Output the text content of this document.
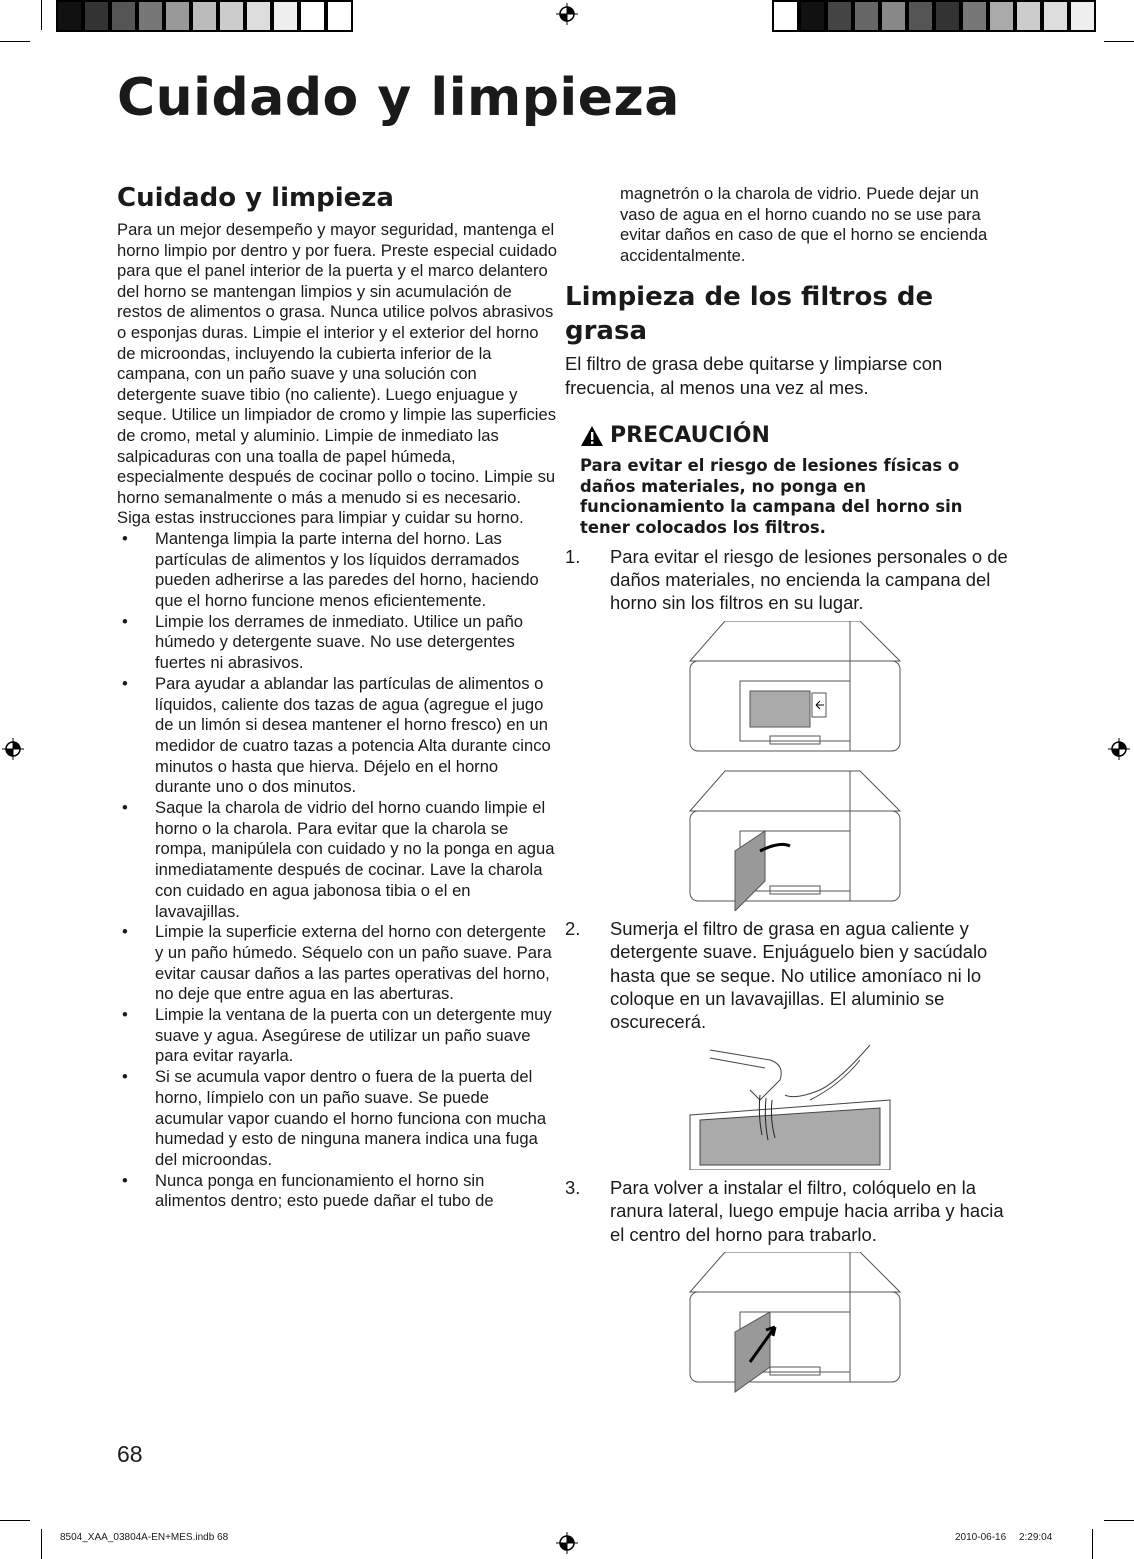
Cuidado y limpieza
Cuidado y limpieza

Para un mejor desempeño y mayor seguridad, mantenga el horno limpio por dentro y por fuera. Preste especial cuidado para que el panel interior de la puerta y el marco delantero del horno se mantengan limpios y sin acumulación de restos de alimentos o grasa. Nunca utilice polvos abrasivos o esponjas duras. Limpie el interior y el exterior del horno de microondas, incluyendo la cubierta inferior de la campana, con un paño suave y una solución con detergente suave tibio (no caliente). Luego enjuague y seque. Utilice un limpiador de cromo y limpie las superficies de cromo, metal y aluminio. Limpie de inmediato las salpicaduras con una toalla de papel húmeda, especialmente después de cocinar pollo o tocino. Limpie su horno semanalmente o más a menudo si es necesario.

Siga estas instrucciones para limpiar y cuidar su horno.

• Mantenga limpia la parte interna del horno. Las partículas de alimentos y los líquidos derramados pueden adherirse a las paredes del horno, haciendo que el horno funcione menos eficientemente.
• Limpie los derrames de inmediato. Utilice un paño húmedo y detergente suave. No use detergentes fuertes ni abrasivos.
• Para ayudar a ablandar las partículas de alimentos o líquidos, caliente dos tazas de agua (agregue el jugo de un limón si desea mantener el horno fresco) en un medidor de cuatro tazas a potencia Alta durante cinco minutos o hasta que hierva. Déjelo en el horno durante uno o dos minutos.
• Saque la charola de vidrio del horno cuando limpie el horno o la charola. Para evitar que la charola se rompa, manipúlela con cuidado y no la ponga en agua inmediatamente después de cocinar. Lave la charola con cuidado en agua jabonosa tibia o el en lavavajillas.
• Limpie la superficie externa del horno con detergente y un paño húmedo. Séquelo con un paño suave. Para evitar causar daños a las partes operativas del horno, no deje que entre agua en las aberturas.
• Limpie la ventana de la puerta con un detergente muy suave y agua. Asegúrese de utilizar un paño suave para evitar rayarla.
• Si se acumula vapor dentro o fuera de la puerta del horno, límpielo con un paño suave. Se puede acumular vapor cuando el horno funciona con mucha humedad y esto de ninguna manera indica una fuga del microondas.
• Nunca ponga en funcionamiento el horno sin alimentos dentro; esto puede dañar el tubo de

magnetrón o la charola de vidrio. Puede dejar un vaso de agua en el horno cuando no se use para evitar daños en caso de que el horno se encienda accidentalmente.

Limpieza de los filtros de grasa

El filtro de grasa debe quitarse y limpiarse con frecuencia, al menos una vez al mes.

PRECAUCIÓN

Para evitar el riesgo de lesiones físicas o daños materiales, no ponga en funcionamiento la campana del horno sin tener colocados los filtros.

1. Para evitar el riesgo de lesiones personales o de daños materiales, no encienda la campana del horno sin los filtros en su lugar.
2. Sumerja el filtro de grasa en agua caliente y detergente suave. Enjuáguelo bien y sacúdalo hasta que se seque. No utilice amoníaco ni lo coloque en un lavavajillas. El aluminio se oscurecerá.
3. Para volver a instalar el filtro, colóquelo en la ranura lateral, luego empuje hacia arriba y hacia el centro del horno para trabarlo.
68
8504_XAA_03804A-EN+MES.indb 68	2010-06-16 2:29:04
